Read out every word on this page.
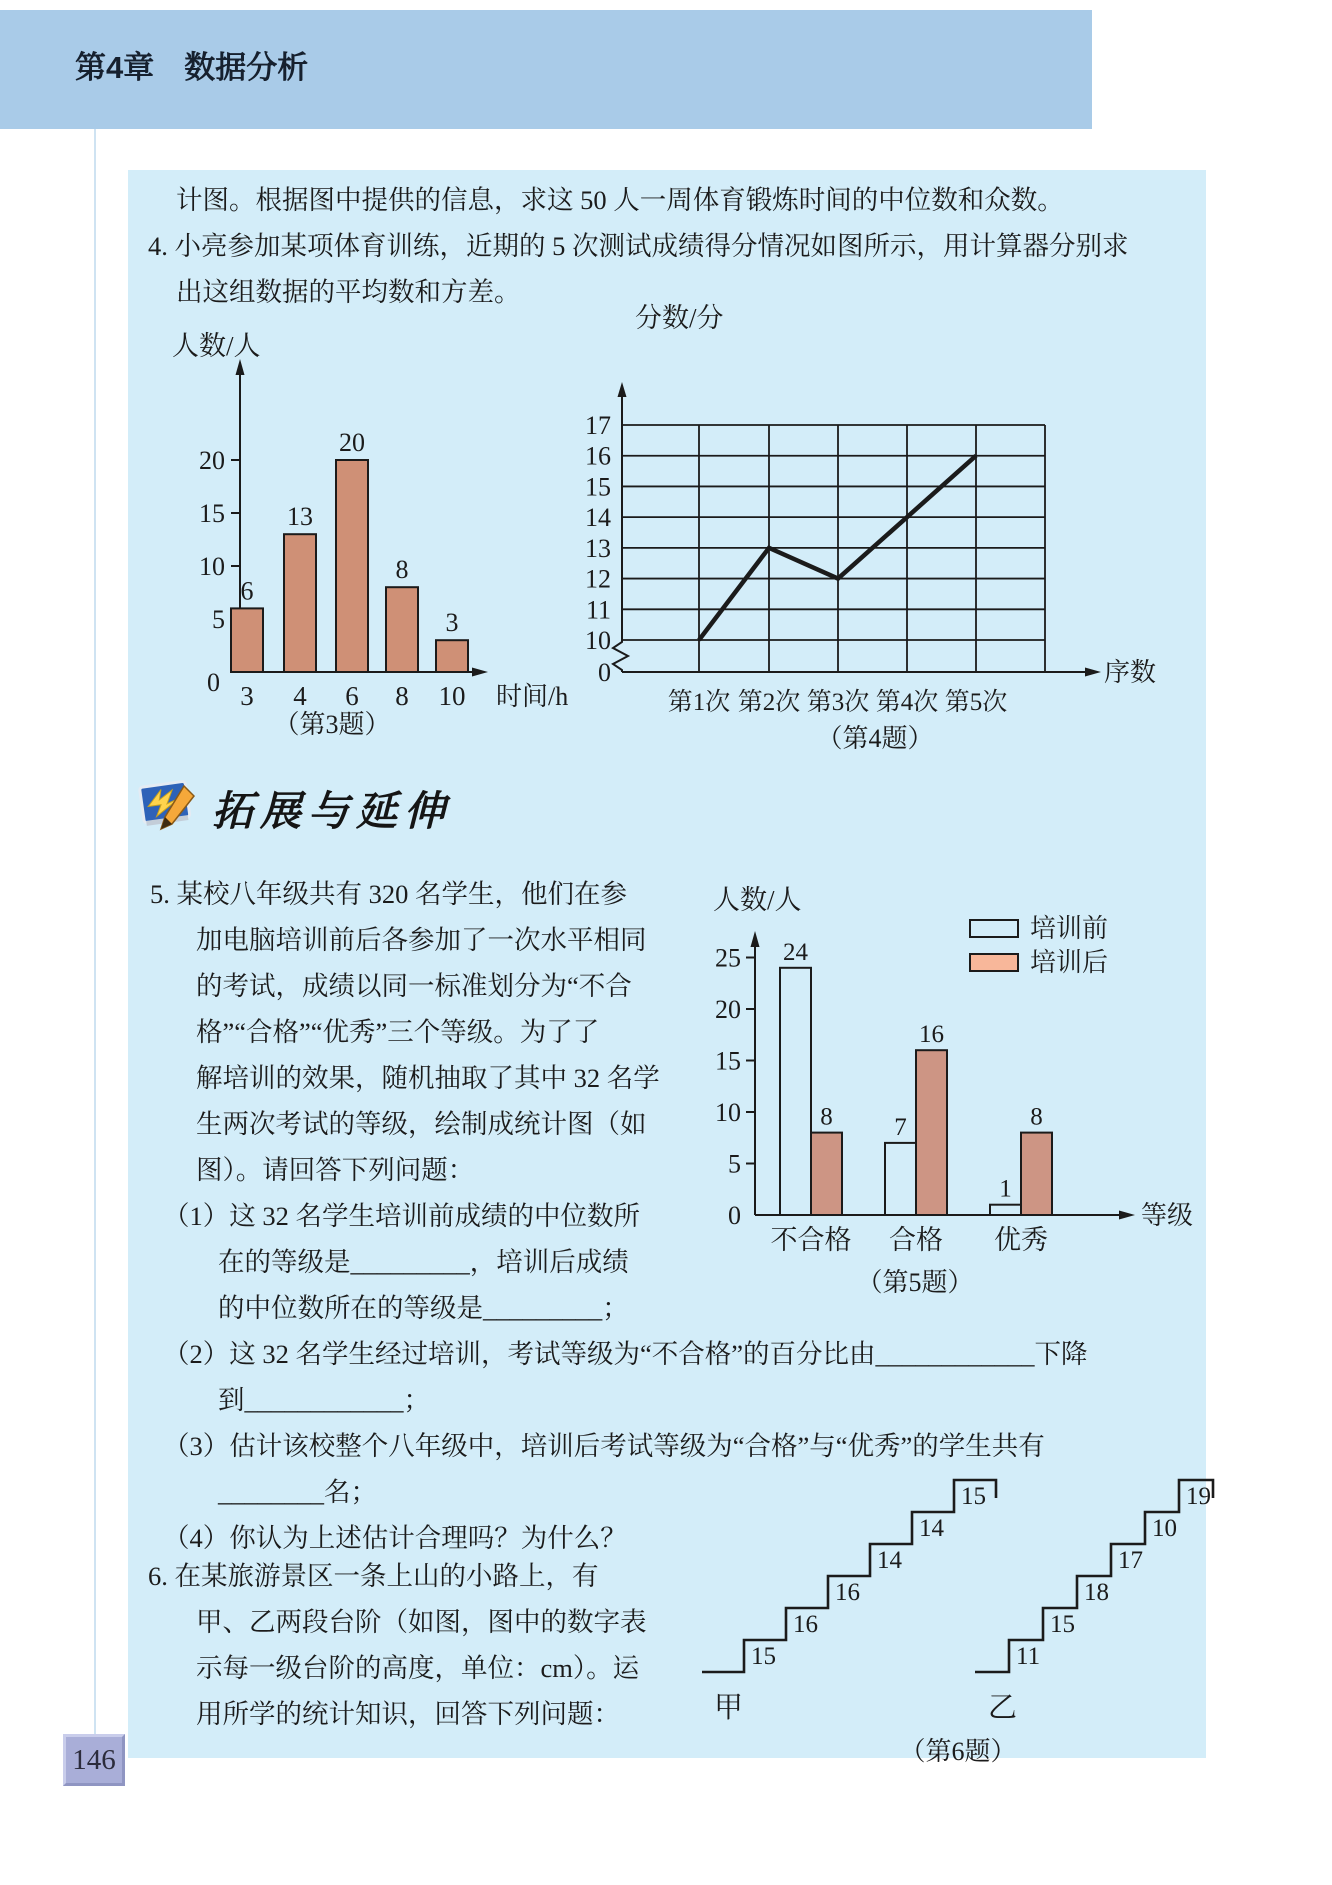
第4章 数据分析
计图。根据图中提供的信息，求这 50 人一周体育锻炼时间的中位数和众数。
4. 小亮参加某项体育训练，近期的 5 次测试成绩得分情况如图所示，用计算器分别求
出这组数据的平均数和方差。
5
10
15
20
0
6
3
13
4
20
6
8
8
3
10
人数/人
时间/h
（第3题）
10
11
12
13
14
15
16
17
0
第1次 第2次 第3次 第4次 第5次
分数/分
序数
（第4题）
拓展与延伸
5. 某校八年级共有 320 名学生，他们在参
加电脑培训前后各参加了一次水平相同
的考试，成绩以同一标准划分为“不合
格”“合格”“优秀”三个等级。为了了
解培训的效果，随机抽取了其中 32 名学
生两次考试的等级，绘制成统计图（如
图）。请回答下列问题：
（1）这 32 名学生培训前成绩的中位数所
在的等级是_________，培训后成绩
的中位数所在的等级是_________；
（2）这 32 名学生经过培训，考试等级为“不合格”的百分比由____________下降
到____________；
（3）估计该校整个八年级中，培训后考试等级为“合格”与“优秀”的学生共有
________名；
（4）你认为上述估计合理吗？为什么？
5
10
15
20
25
0
24
8
不合格
7
16
合格
1
8
优秀
培训前
培训后
人数/人
等级
（第5题）
6. 在某旅游景区一条上山的小路上，有
甲、乙两段台阶（如图，图中的数字表
示每一级台阶的高度，单位：cm）。运
用所学的统计知识，回答下列问题：
15
16
16
14
14
15
甲
11
15
18
17
10
19
乙
（第6题）
146
